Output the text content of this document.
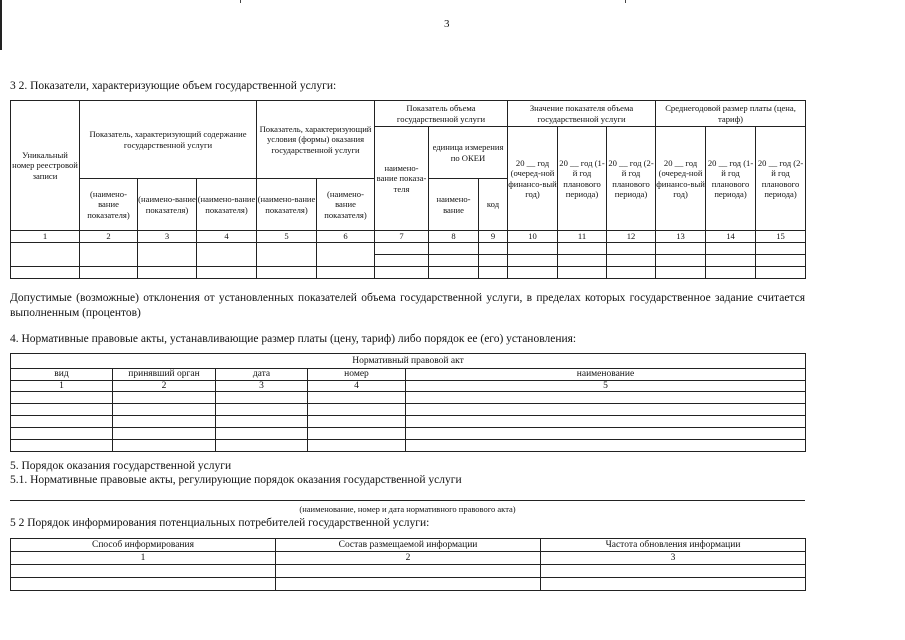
3
3 2. Показатели, характеризующие объем государственной услуги:
Уникальный номер реестровой записи	Показатель, характеризующий содержание государственной услуги			Показатель, характеризующий условия (формы) оказания государственной услуги		Показатель объема государственной услуги			Значение показателя объема государственной услуги			Среднегодовой размер платы (цена, тариф)		
						наимено-вание показа-теля	единица измерения по ОКЕИ		20 __ год (очеред-ной финансо-вый год)	20 __ год (1-й год планового периода)	20 __ год (2-й год планового периода)	20 __ год (очеред-ной финансо-вый год)	20 __ год (1-й год планового периода)	20 __ год (2-й год планового периода)
	(наимено-вание показателя)	(наимено-вание показателя)	(наимено-вание показателя)	(наимено-вание показателя)	(наимено-вание показателя)		наимено-вание	код						
1	2	3	4	5	6	7	8	9	10	11	12	13	14	15

Допустимые (возможные) отклонения от установленных показателей объема государственной услуги, в пределах которых государственное задание считается выполненным (процентов)
4. Нормативные правовые акты, устанавливающие размер платы (цену, тариф) либо порядок ее (его) установления:
Нормативный правовой акт				
вид	принявший орган	дата	номер	наименование
1	2	3	4	5

5. Порядок оказания государственной услуги
5.1. Нормативные правовые акты, регулирующие порядок оказания государственной услуги
(наименование, номер и дата нормативного правового акта)
5 2 Порядок информирования потенциальных потребителей государственной услуги:
Способ информирования	Состав размещаемой информации	Частота обновления информации
1	2	3
